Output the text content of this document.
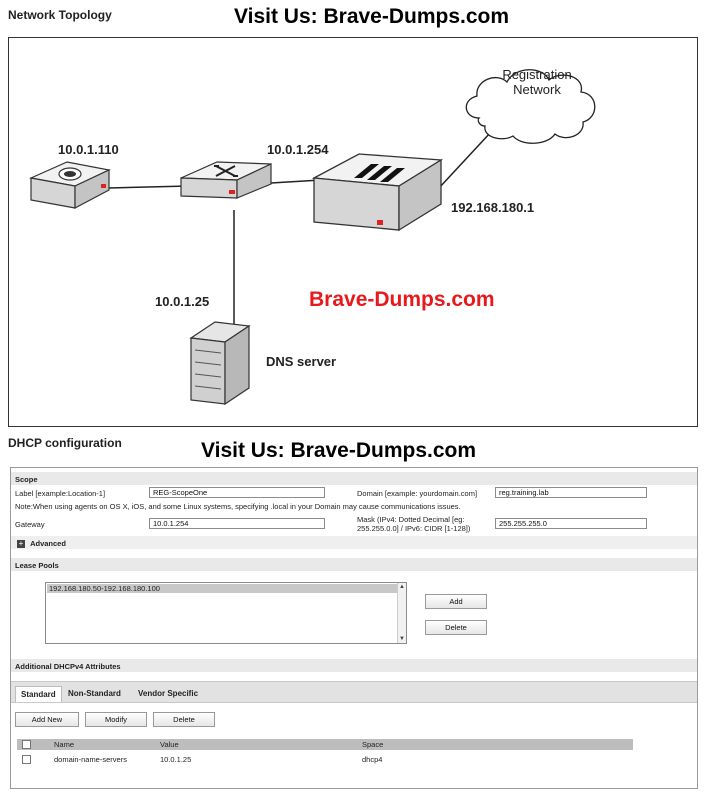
Network Topology	Visit Us: Brave-Dumps.com
Registration
Network
10.0.1.110	10.0.1.254
192.168.180.1
10.0.1.25
DNS server
Brave-Dumps.com
DHCP configuration	Visit Us: Brave-Dumps.com
Scope
Label [example:Location-1]	REG-ScopeOne	Domain [example: yourdomain.com]	reg.training.lab
Note:When using agents on OS X, iOS, and some Linux systems, specifying .local in your Domain may cause communications issues.
Gateway	10.0.1.254	Mask (IPv4: Dotted Decimal [eg:
255.255.0.0] / IPv6: CIDR [1-128])
255.255.255.0
+ Advanced
Lease Pools
192.168.180.50-192.168.180.100	▲
▼
Add
Delete
Additional DHCPv4 Attributes
Standard	Non-Standard	Vendor Specific
Add New	Modify	Delete
Name	Value	Space
domain-name-servers	10.0.1.25	dhcp4
